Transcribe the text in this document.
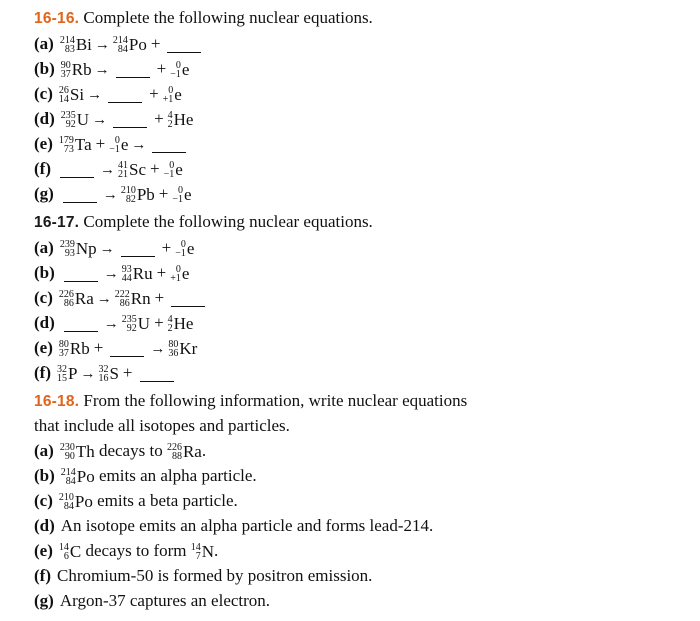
16-16. Complete the following nuclear equations.
(a) 214
83 Bi → 214
84 Po +
(b) 90
37 Rb →	+ 0
−1 e
(c) 26
14 Si →	+ 0
+1 e
(d) 235
92 U →	+ 4
2 He
(e) 179
73 Ta + 0
−1 e →
(f)	→ 41
21 Sc + 0
−1 e
(g)	→ 210
82 Pb + 0
−1 e
16-17. Complete the following nuclear equations.
(a) 239
93 Np →	+ 0
−1 e
(b)	→ 93
44 Ru + 0
+1 e
(c) 226
86 Ra → 222
86 Rn +
(d)	→ 235
92 U + 4
2 He
(e) 80
37 Rb +	→ 80
36 Kr
(f) 32
15 P → 32
16 S +
16-18. From the following information, write nuclear equations that include all isotopes and particles.
(a) 230
90 Th decays to 226
88 Ra .
(b) 214
84 Po emits an alpha particle.
(c) 210
84 Po emits a beta particle.
(d) An isotope emits an alpha particle and forms lead-214.
(e) 14
6 C decays to form 14
7 N .
(f) Chromium-50 is formed by positron emission.
(g) Argon-37 captures an electron.
